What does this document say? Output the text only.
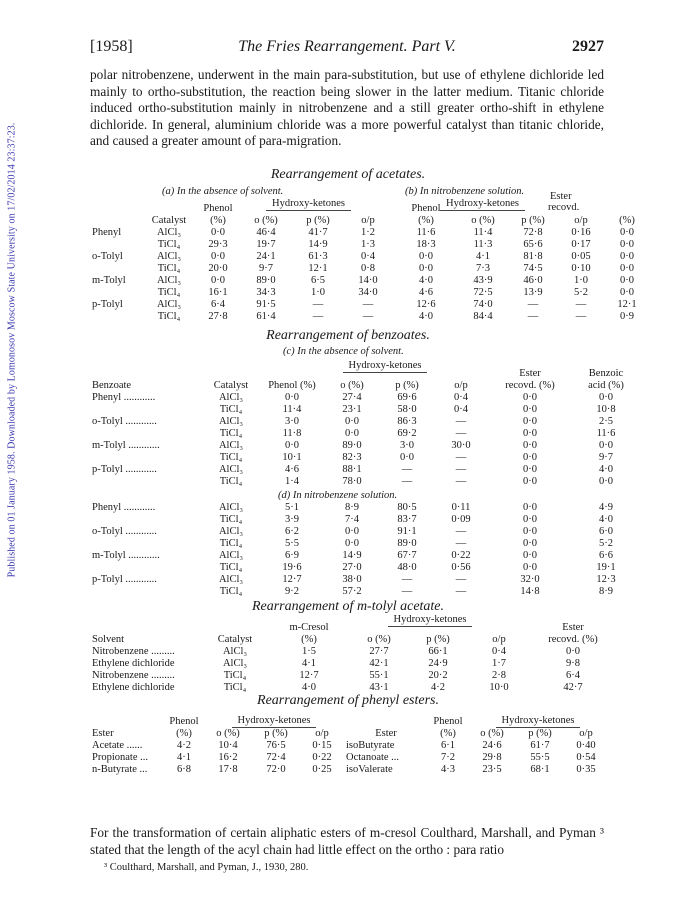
Published on 01 January 1958. Downloaded by Lomonosov Moscow State University on 17/02/2014 23:37:23.
[1958]	The Fries Rearrangement. Part V.	2927
polar nitrobenzene, underwent in the main para-substitution, but use of ethylene dichloride led mainly to ortho-substitution, the reaction being slower in the latter medium. Titanic chloride induced ortho-substitution mainly in nitrobenzene and a still greater ortho-shift in ethylene dichloride. In general, aluminium chloride was a more powerful catalyst than titanic chloride, and caused a greater amount of para-migration.
Rearrangement of acetates.
(a) In the absence of solvent.	(b) In nitrobenzene solution. Ester
recovd.
Hydroxy-ketones	Hydroxy-ketones
		Phenol				Phenol				
	Catalyst	(%)	o (%)	p (%)	o/p	(%)	o (%)	p (%)	o/p	(%)
Phenyl	AlCl₃	0·0	46·4	41·7	1·2	11·6	11·4	72·8	0·16	0·0
	TiCl₄	29·3	19·7	14·9	1·3	18·3	11·3	65·6	0·17	0·0
o-Tolyl	AlCl₃	0·0	24·1	61·3	0·4	0·0	4·1	81·8	0·05	0·0
	TiCl₄	20·0	9·7	12·1	0·8	0·0	7·3	74·5	0·10	0·0
m-Tolyl	AlCl₃	0·0	89·0	6·5	14·0	4·0	43·9	46·0	1·0	0·0
	TiCl₄	16·1	34·3	1·0	34·0	4·6	72·5	13·9	5·2	0·0
p-Tolyl	AlCl₃	6·4	91·5	—	—	12·6	74·0	—	—	12·1
	TiCl₄	27·8	61·4	—	—	4·0	84·4	—	—	0·9
Rearrangement of benzoates.
(c) In the absence of solvent.
Hydroxy-ketones
						Ester	Benzoic
Benzoate	Catalyst	Phenol (%)	o (%)	p (%)	o/p	recovd. (%)	acid (%)
Phenyl ............	AlCl₃	0·0	27·4	69·6	0·4	0·0	0·0
	TiCl₄	11·4	23·1	58·0	0·4	0·0	10·8
o-Tolyl ............	AlCl₃	3·0	0·0	86·3	—	0·0	2·5
	TiCl₄	11·8	0·0	69·2	—	0·0	11·6
m-Tolyl ............	AlCl₃	0·0	89·0	3·0	30·0	0·0	0·0
	TiCl₄	10·1	82·3	0·0	—	0·0	9·7
p-Tolyl ............	AlCl₃	4·6	88·1	—	—	0·0	4·0
	TiCl₄	1·4	78·0	—	—	0·0	0·0
(d) In nitrobenzene solution.
Phenyl ............	AlCl₃	5·1	8·9	80·5	0·11	0·0	4·9
	TiCl₄	3·9	7·4	83·7	0·09	0·0	4·0
o-Tolyl ............	AlCl₃	6·2	0·0	91·1	—	0·0	6·0
	TiCl₄	5·5	0·0	89·0	—	0·0	5·2
m-Tolyl ............	AlCl₃	6·9	14·9	67·7	0·22	0·0	6·6
	TiCl₄	19·6	27·0	48·0	0·56	0·0	19·1
p-Tolyl ............	AlCl₃	12·7	38·0	—	—	32·0	12·3
	TiCl₄	9·2	57·2	—	—	14·8	8·9
Rearrangement of m-tolyl acetate.
Hydroxy-ketones
		m-Cresol				Ester
Solvent	Catalyst	(%)	o (%)	p (%)	o/p	recovd. (%)
Nitrobenzene .........	AlCl₃	1·5	27·7	66·1	0·4	0·0
Ethylene dichloride	AlCl₃	4·1	42·1	24·9	1·7	9·8
Nitrobenzene .........	TiCl₄	12·7	55·1	20·2	2·8	6·4
Ethylene dichloride	TiCl₄	4·0	43·1	4·2	10·0	42·7
Rearrangement of phenyl esters.
	Phenol	Hydroxy-ketones				Phenol	Hydroxy-ketones		
Ester	(%)	o (%)	p (%)	o/p	Ester	(%)	o (%)	p (%)	o/p
Acetate ......	4·2	10·4	76·5	0·15	isoButyrate	6·1	24·6	61·7	0·40
Propionate ...	4·1	16·2	72·4	0·22	Octanoate ...	7·2	29·8	55·5	0·54
n-Butyrate ...	6·8	17·8	72·0	0·25	isoValerate	4·3	23·5	68·1	0·35
For the transformation of certain aliphatic esters of m-cresol Coulthard, Marshall, and Pyman ³ stated that the length of the acyl chain had little effect on the ortho : para ratio
³ Coulthard, Marshall, and Pyman, J., 1930, 280.
